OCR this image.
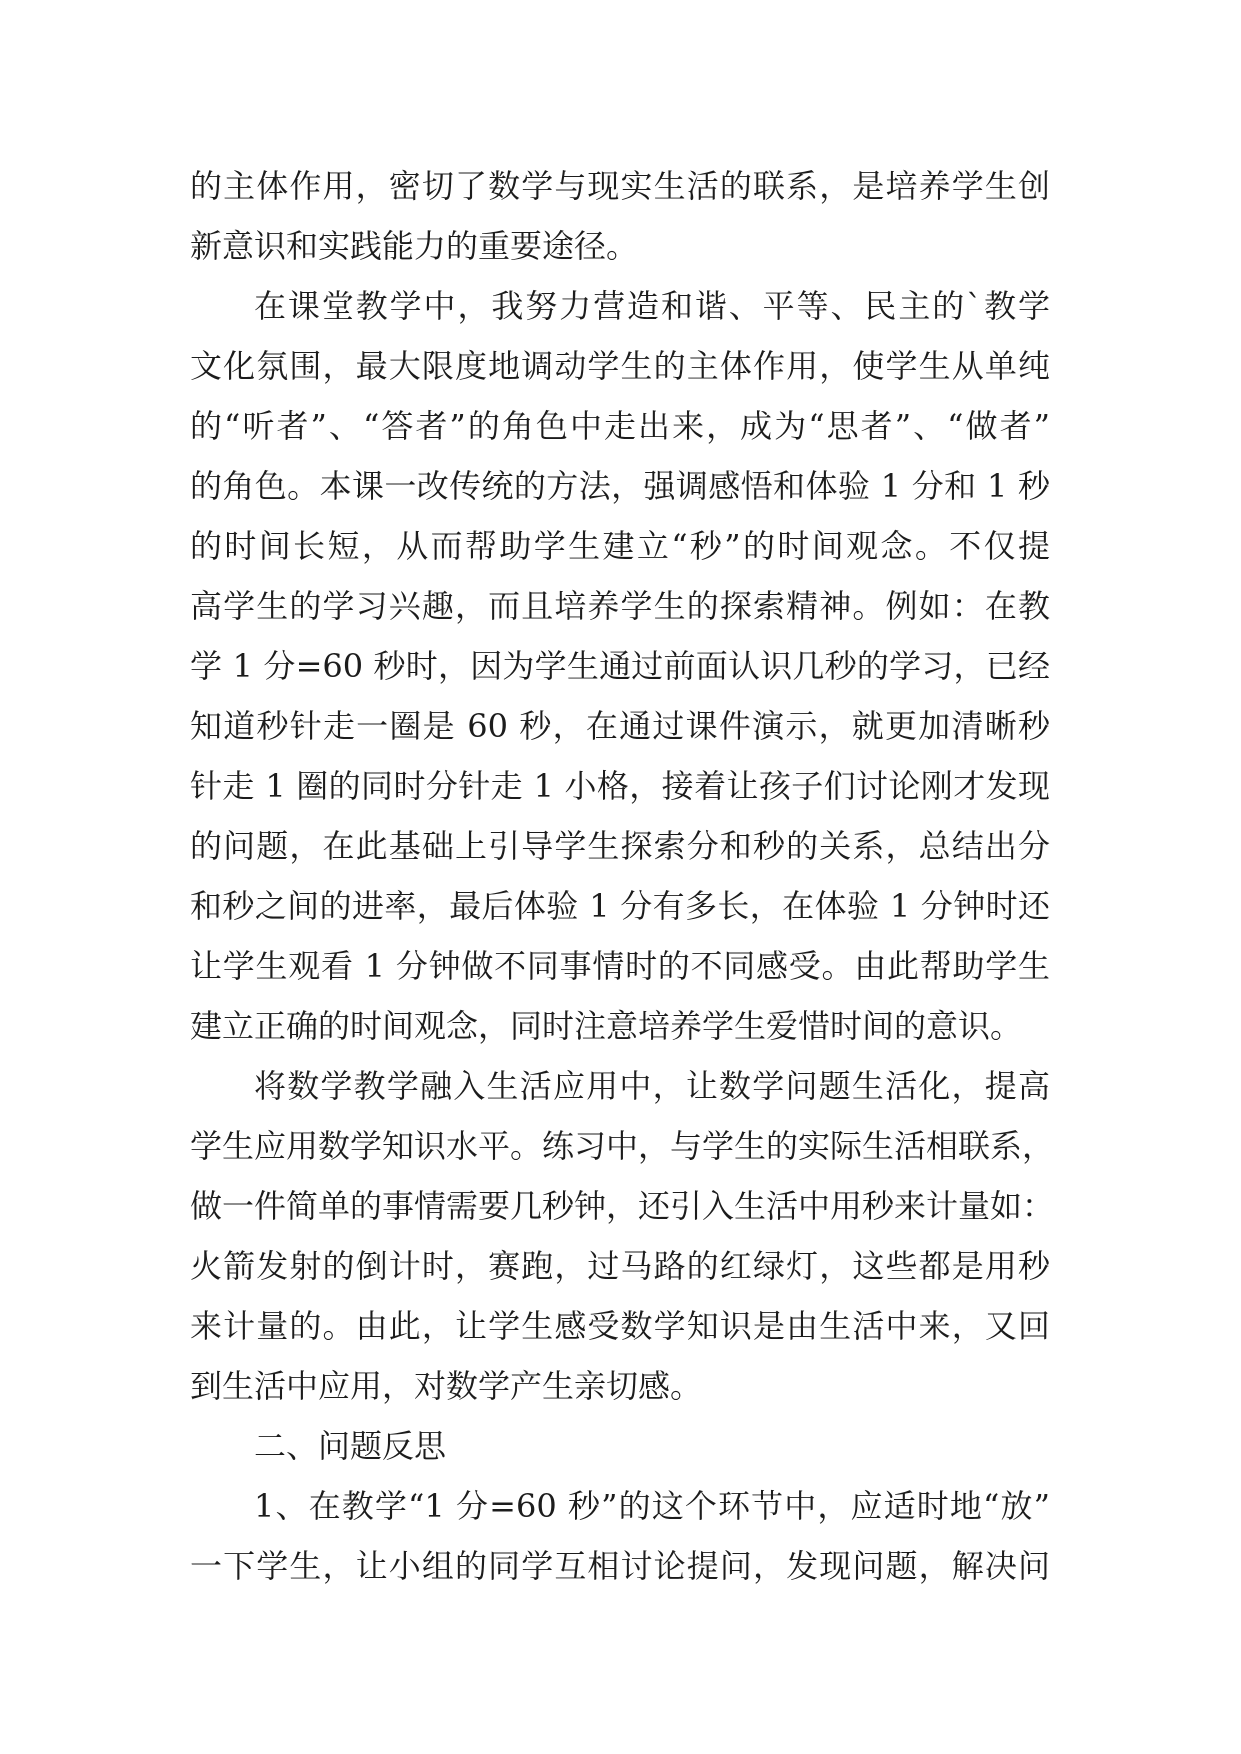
的主体作用，密切了数学与现实生活的联系，是培养学生创
新意识和实践能力的重要途径。
在课堂教学中，我努力营造和谐、平等、民主的`教学
文化氛围，最大限度地调动学生的主体作用，使学生从单纯
的“听者”、“答者”的角色中走出来，成为“思者”、“做者”
的角色。本课一改传统的方法，强调感悟和体验 1 分和 1 秒
的时间长短，从而帮助学生建立“秒”的时间观念。不仅提
高学生的学习兴趣，而且培养学生的探索精神。例如：在教
学 1 分=60 秒时，因为学生通过前面认识几秒的学习，已经
知道秒针走一圈是 60 秒，在通过课件演示，就更加清晰秒
针走 1 圈的同时分针走 1 小格，接着让孩子们讨论刚才发现
的问题，在此基础上引导学生探索分和秒的关系，总结出分
和秒之间的进率，最后体验 1 分有多长，在体验 1 分钟时还
让学生观看 1 分钟做不同事情时的不同感受。由此帮助学生
建立正确的时间观念，同时注意培养学生爱惜时间的意识。
将数学教学融入生活应用中，让数学问题生活化，提高
学生应用数学知识水平。练习中，与学生的实际生活相联系，
做一件简单的事情需要几秒钟，还引入生活中用秒来计量如：
火箭发射的倒计时，赛跑，过马路的红绿灯，这些都是用秒
来计量的。由此，让学生感受数学知识是由生活中来，又回
到生活中应用，对数学产生亲切感。
二、问题反思
1、在教学“1 分=60 秒”的这个环节中，应适时地“放”
一下学生，让小组的同学互相讨论提问，发现问题，解决问
